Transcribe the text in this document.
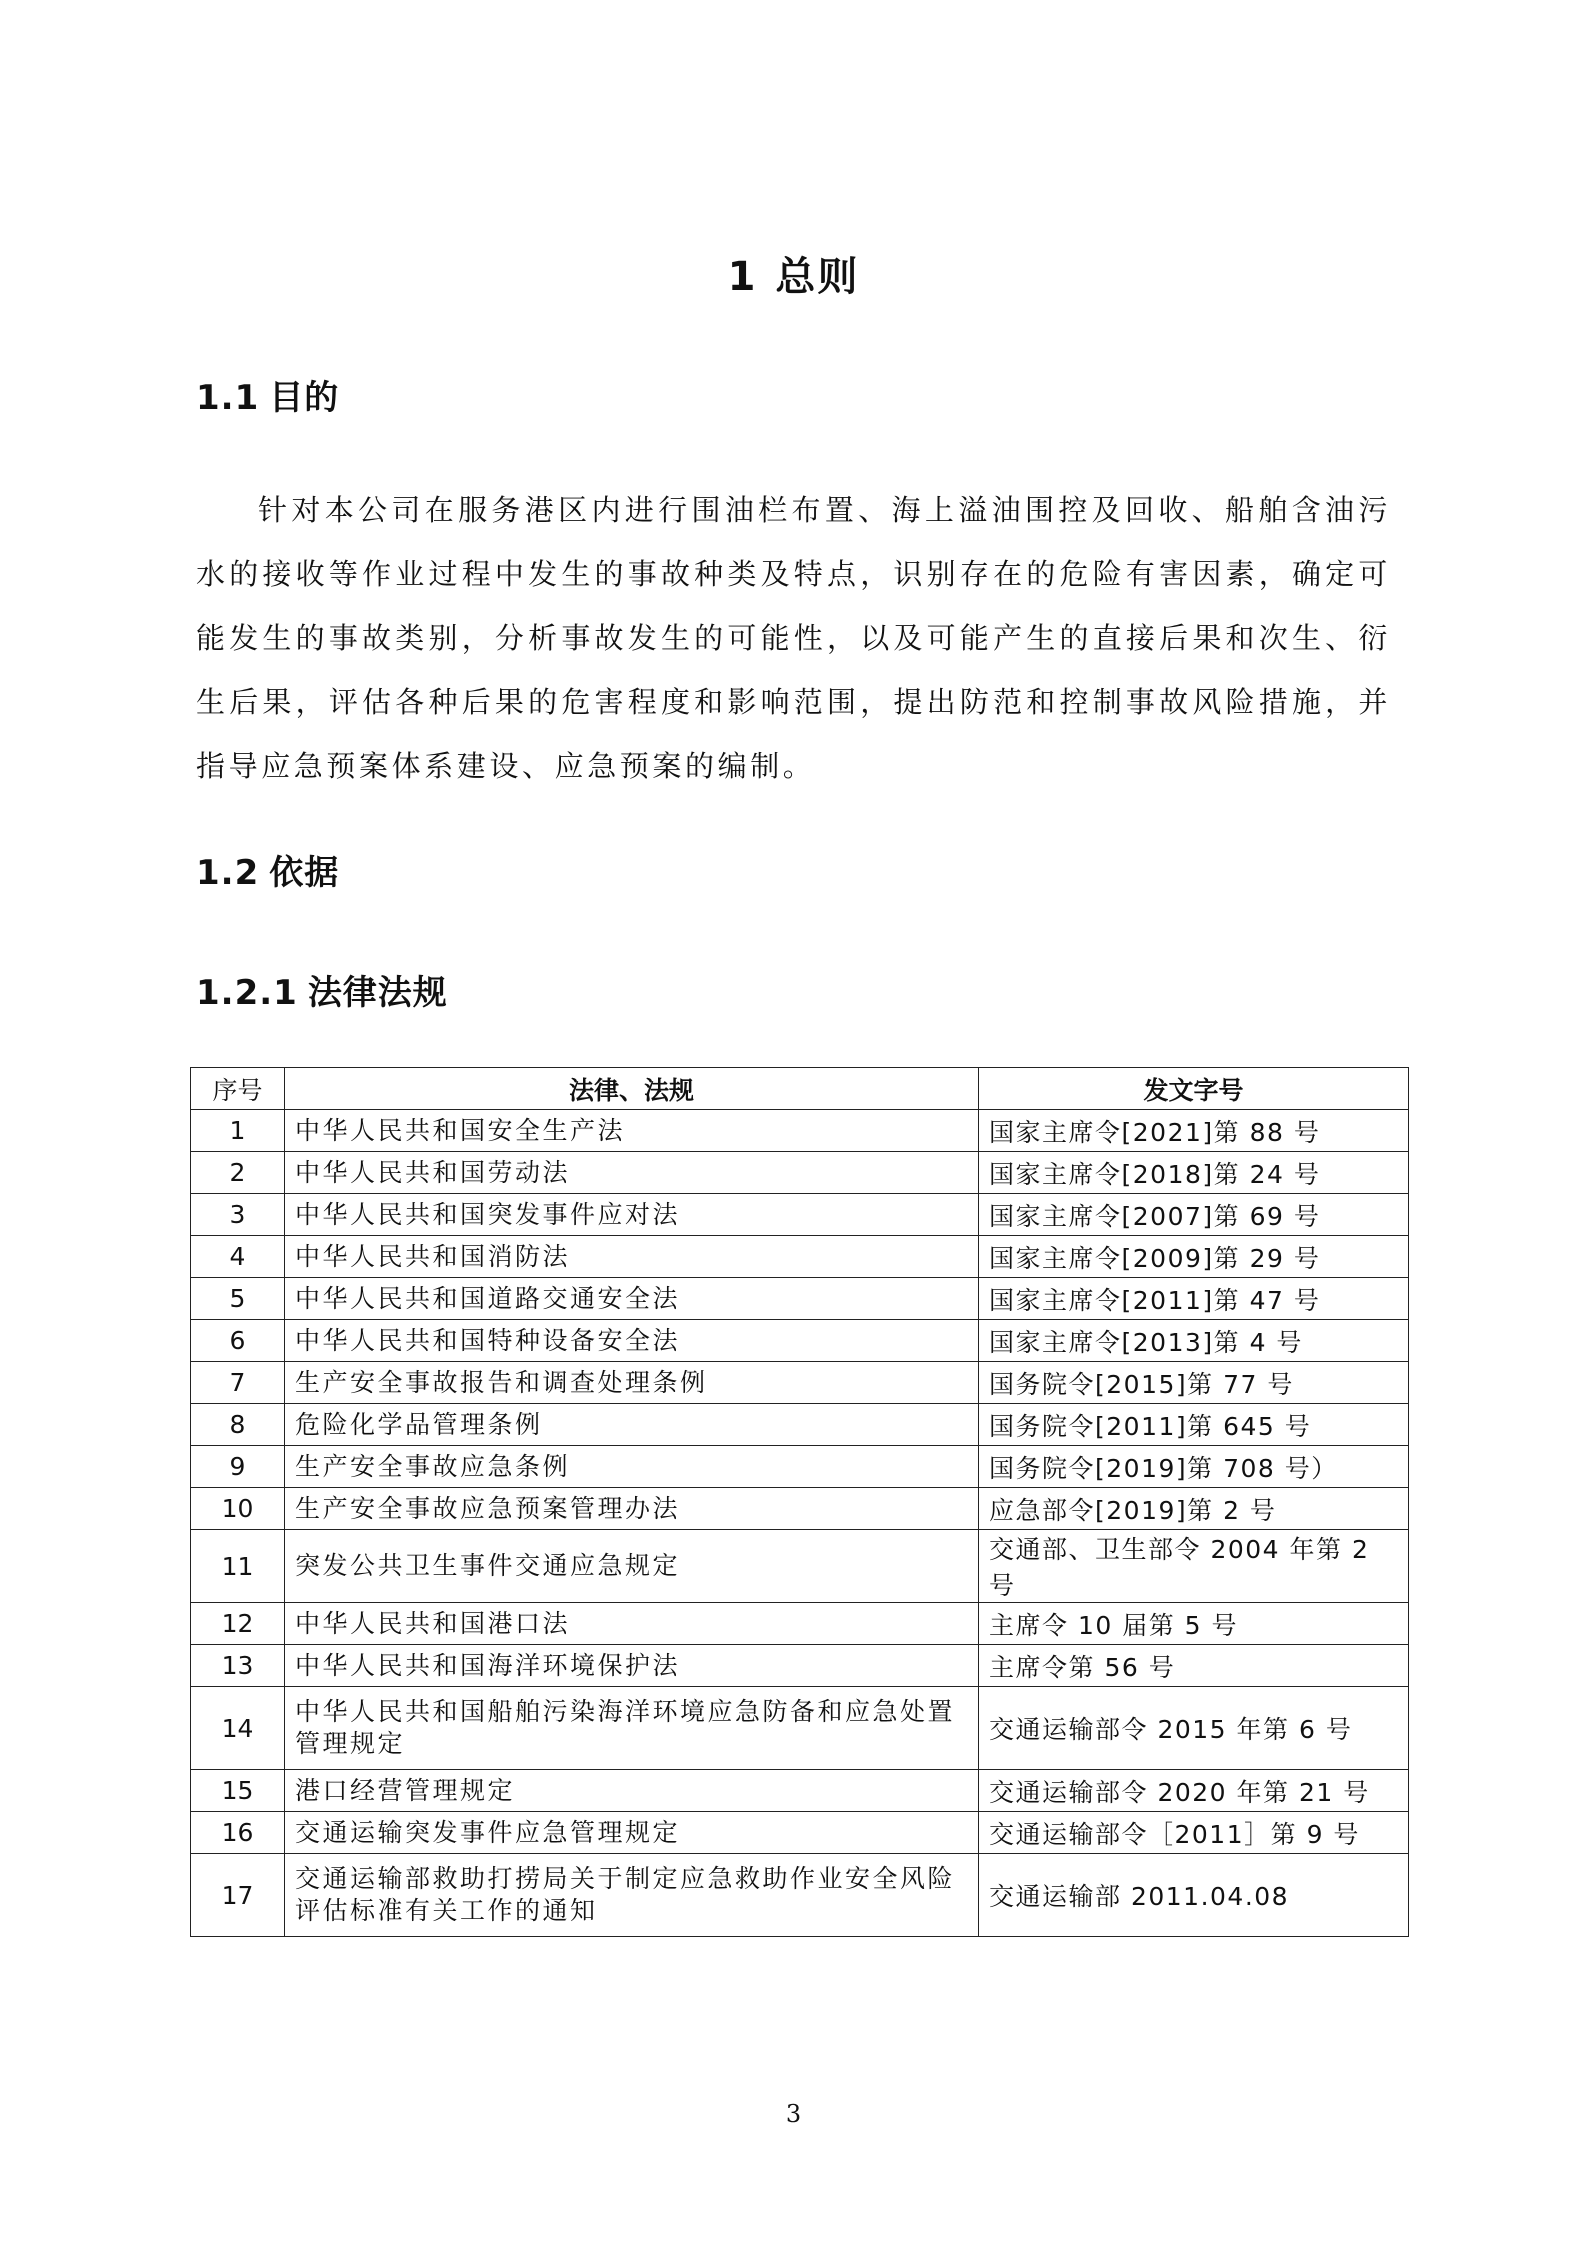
1 总则
1.1 目的

针对本公司在服务港区内进行围油栏布置、海上溢油围控及回收、船舶含油污水的接收等作业过程中发生的事故种类及特点，识别存在的危险有害因素，确定可能发生的事故类别，分析事故发生的可能性，以及可能产生的直接后果和次生、衍生后果，评估各种后果的危害程度和影响范围，提出防范和控制事故风险措施，并指导应急预案体系建设、应急预案的编制。

1.2 依据
1.2.1 法律法规
序号	法律、法规	发文字号
1	中华人民共和国安全生产法	国家主席令[2021]第 88 号
2	中华人民共和国劳动法	国家主席令[2018]第 24 号
3	中华人民共和国突发事件应对法	国家主席令[2007]第 69 号
4	中华人民共和国消防法	国家主席令[2009]第 29 号
5	中华人民共和国道路交通安全法	国家主席令[2011]第 47 号
6	中华人民共和国特种设备安全法	国家主席令[2013]第 4 号
7	生产安全事故报告和调查处理条例	国务院令[2015]第 77 号
8	危险化学品管理条例	国务院令[2011]第 645 号
9	生产安全事故应急条例	国务院令[2019]第 708 号）
10	生产安全事故应急预案管理办法	应急部令[2019]第 2 号
11	突发公共卫生事件交通应急规定	交通部、卫生部令 2004 年第 2 号
12	中华人民共和国港口法	主席令 10 届第 5 号
13	中华人民共和国海洋环境保护法	主席令第 56 号
14	中华人民共和国船舶污染海洋环境应急防备和应急处置管理规定	交通运输部令 2015 年第 6 号
15	港口经营管理规定	交通运输部令 2020 年第 21 号
16	交通运输突发事件应急管理规定	交通运输部令［2011］第 9 号
17	交通运输部救助打捞局关于制定应急救助作业安全风险评估标准有关工作的通知	交通运输部 2011.04.08
3
